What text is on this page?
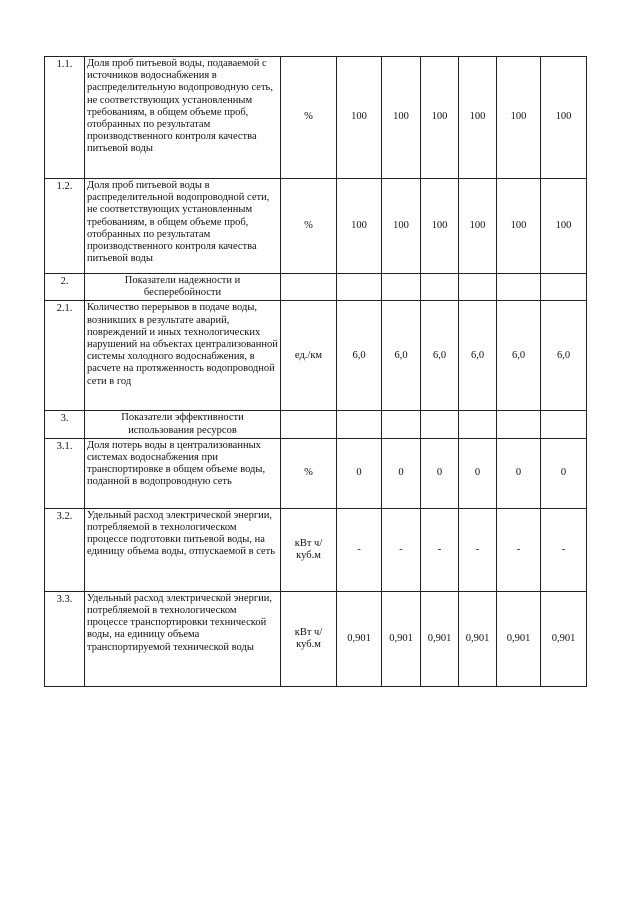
1.1.	Доля проб питьевой воды, подаваемой с источников водоснабжения в распределительную водопроводную сеть, не соответствующих установленным требованиям, в общем объеме проб, отобранных по результатам производственного контроля качества питьевой воды	%	100	100	100	100	100	100
1.2.	Доля проб питьевой воды в распределительной водопроводной сети, не соответствующих установленным требованиям, в общем объеме проб, отобранных по результатам производственного контроля качества питьевой воды	%	100	100	100	100	100	100
2.	Показатели надежности и бесперебойности							
2.1.	Количество перерывов в подаче воды, возникших в результате аварий, повреждений и иных технологических нарушений на объектах централизованной системы холодного водоснабжения, в расчете на протяженность водопроводной сети в год	ед./км	6,0	6,0	6,0	6,0	6,0	6,0
3.	Показатели эффективности использования ресурсов							
3.1.	Доля потерь воды в централизованных системах водоснабжения при транспортировке в общем объеме воды, поданной в водопроводную сеть	%	0	0	0	0	0	0
3.2.	Удельный расход электрической энергии, потребляемой в технологическом процессе подготовки питьевой воды, на единицу объема воды, отпускаемой в сеть	кВт ч/куб.м	-	-	-	-	-	-
3.3.	Удельный расход электрической энергии, потребляемой в технологическом процессе транспортировки технической воды, на единицу объема транспортируемой технической воды	кВт ч/куб.м	0,901	0,901	0,901	0,901	0,901	0,901
